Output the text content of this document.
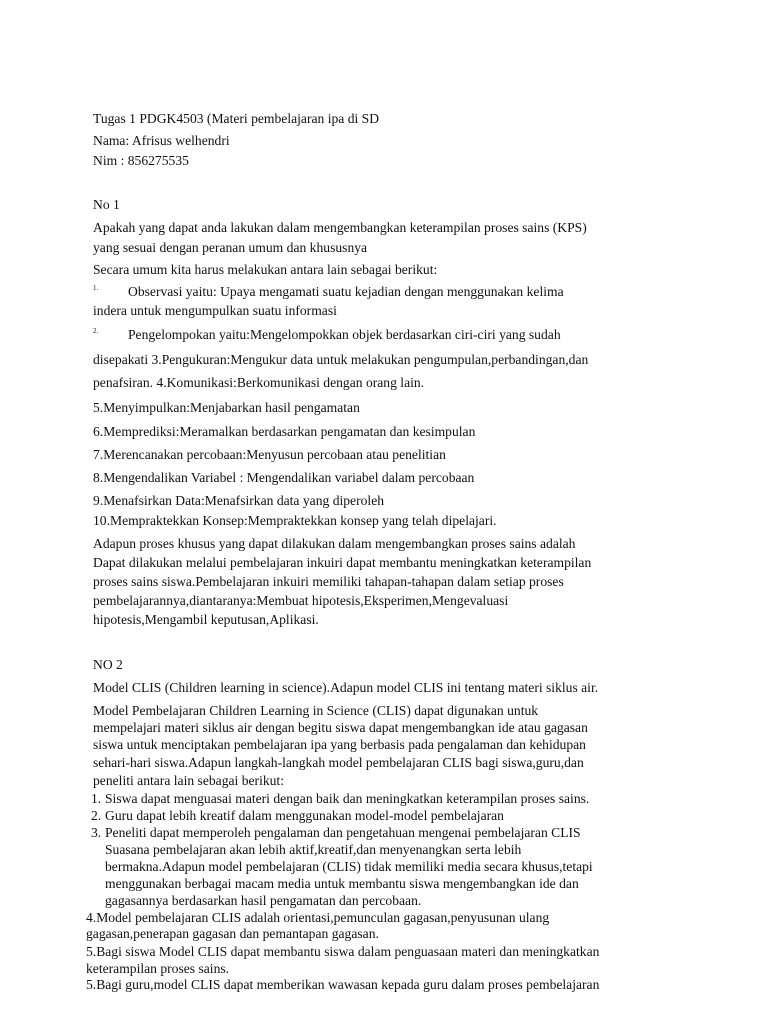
Tugas 1 PDGK4503 (Materi pembelajaran ipa di SD
Nama: Afrisus welhendri
Nim : 856275535
No 1
Apakah yang dapat anda lakukan dalam mengembangkan keterampilan proses sains (KPS)
yang sesuai dengan peranan umum dan khususnya
Secara umum kita harus melakukan antara lain sebagai berikut:
1. Observasi yaitu: Upaya mengamati suatu kejadian dengan menggunakan kelima
indera untuk mengumpulkan suatu informasi
2. Pengelompokan yaitu:Mengelompokkan objek berdasarkan ciri-ciri yang sudah
disepakati 3.Pengukuran:Mengukur data untuk melakukan pengumpulan,perbandingan,dan
penafsiran. 4.Komunikasi:Berkomunikasi dengan orang lain.
5.Menyimpulkan:Menjabarkan hasil pengamatan
6.Memprediksi:Meramalkan berdasarkan pengamatan dan kesimpulan
7.Merencanakan percobaan:Menyusun percobaan atau penelitian
8.Mengendalikan Variabel : Mengendalikan variabel dalam percobaan
9.Menafsirkan Data:Menafsirkan data yang diperoleh
10.Mempraktekkan Konsep:Mempraktekkan konsep yang telah dipelajari.
Adapun proses khusus yang dapat dilakukan dalam mengembangkan proses sains adalah
Dapat dilakukan melalui pembelajaran inkuiri dapat membantu meningkatkan keterampilan
proses sains siswa.Pembelajaran inkuiri memiliki tahapan-tahapan dalam setiap proses
pembelajarannya,diantaranya:Membuat hipotesis,Eksperimen,Mengevaluasi
hipotesis,Mengambil keputusan,Aplikasi.
NO 2
Model CLIS (Children learning in science).Adapun model CLIS ini tentang materi siklus air.
Model Pembelajaran Children Learning in Science (CLIS) dapat digunakan untuk
mempelajari materi siklus air dengan begitu siswa dapat mengembangkan ide atau gagasan
siswa untuk menciptakan pembelajaran ipa yang berbasis pada pengalaman dan kehidupan
sehari-hari siswa.Adapun langkah-langkah model pembelajaran CLIS bagi siswa,guru,dan
peneliti antara lain sebagai berikut:
1. Siswa dapat menguasai materi dengan baik dan meningkatkan keterampilan proses sains.
2. Guru dapat lebih kreatif dalam menggunakan model-model pembelajaran
3. Peneliti dapat memperoleh pengalaman dan pengetahuan mengenai pembelajaran CLIS
Suasana pembelajaran akan lebih aktif,kreatif,dan menyenangkan serta lebih
bermakna.Adapun model pembelajaran (CLIS) tidak memiliki media secara khusus,tetapi
menggunakan berbagai macam media untuk membantu siswa mengembangkan ide dan
gagasannya berdasarkan hasil pengamatan dan percobaan.
4.Model pembelajaran CLIS adalah orientasi,pemunculan gagasan,penyusunan ulang
gagasan,penerapan gagasan dan pemantapan gagasan.
5.Bagi siswa Model CLIS dapat membantu siswa dalam penguasaan materi dan meningkatkan
keterampilan proses sains.
5.Bagi guru,model CLIS dapat memberikan wawasan kepada guru dalam proses pembelajaran
